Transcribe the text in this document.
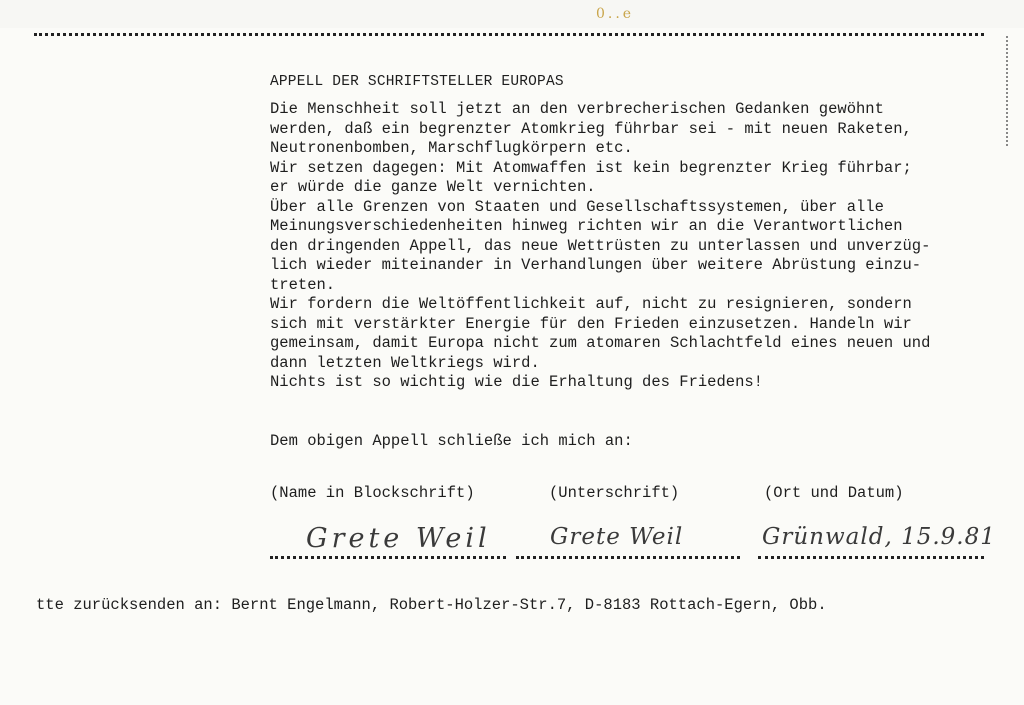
0..e
APPELL DER SCHRIFTSTELLER EUROPAS
Die Menschheit soll jetzt an den verbrecherischen Gedanken gewöhnt
werden, daß ein begrenzter Atomkrieg führbar sei - mit neuen Raketen,
Neutronenbomben, Marschflugkörpern etc.
Wir setzen dagegen: Mit Atomwaffen ist kein begrenzter Krieg führbar;
er würde die ganze Welt vernichten.
Über alle Grenzen von Staaten und Gesellschaftssystemen, über alle
Meinungsverschiedenheiten hinweg richten wir an die Verantwortlichen
den dringenden Appell, das neue Wettrüsten zu unterlassen und unverzüg-
lich wieder miteinander in Verhandlungen über weitere Abrüstung einzu-
treten.
Wir fordern die Weltöffentlichkeit auf, nicht zu resignieren, sondern
sich mit verstärkter Energie für den Frieden einzusetzen. Handeln wir
gemeinsam, damit Europa nicht zum atomaren Schlachtfeld eines neuen und
dann letzten Weltkriegs wird.
Nichts ist so wichtig wie die Erhaltung des Friedens!
Dem obigen Appell schließe ich mich an:
(Name in Blockschrift)	(Unterschrift)	(Ort und Datum)
Grete Weil	Grete Weil	Grünwald, 15.9.81
tte zurücksenden an: Bernt Engelmann, Robert-Holzer-Str.7, D-8183 Rottach-Egern, Obb.
